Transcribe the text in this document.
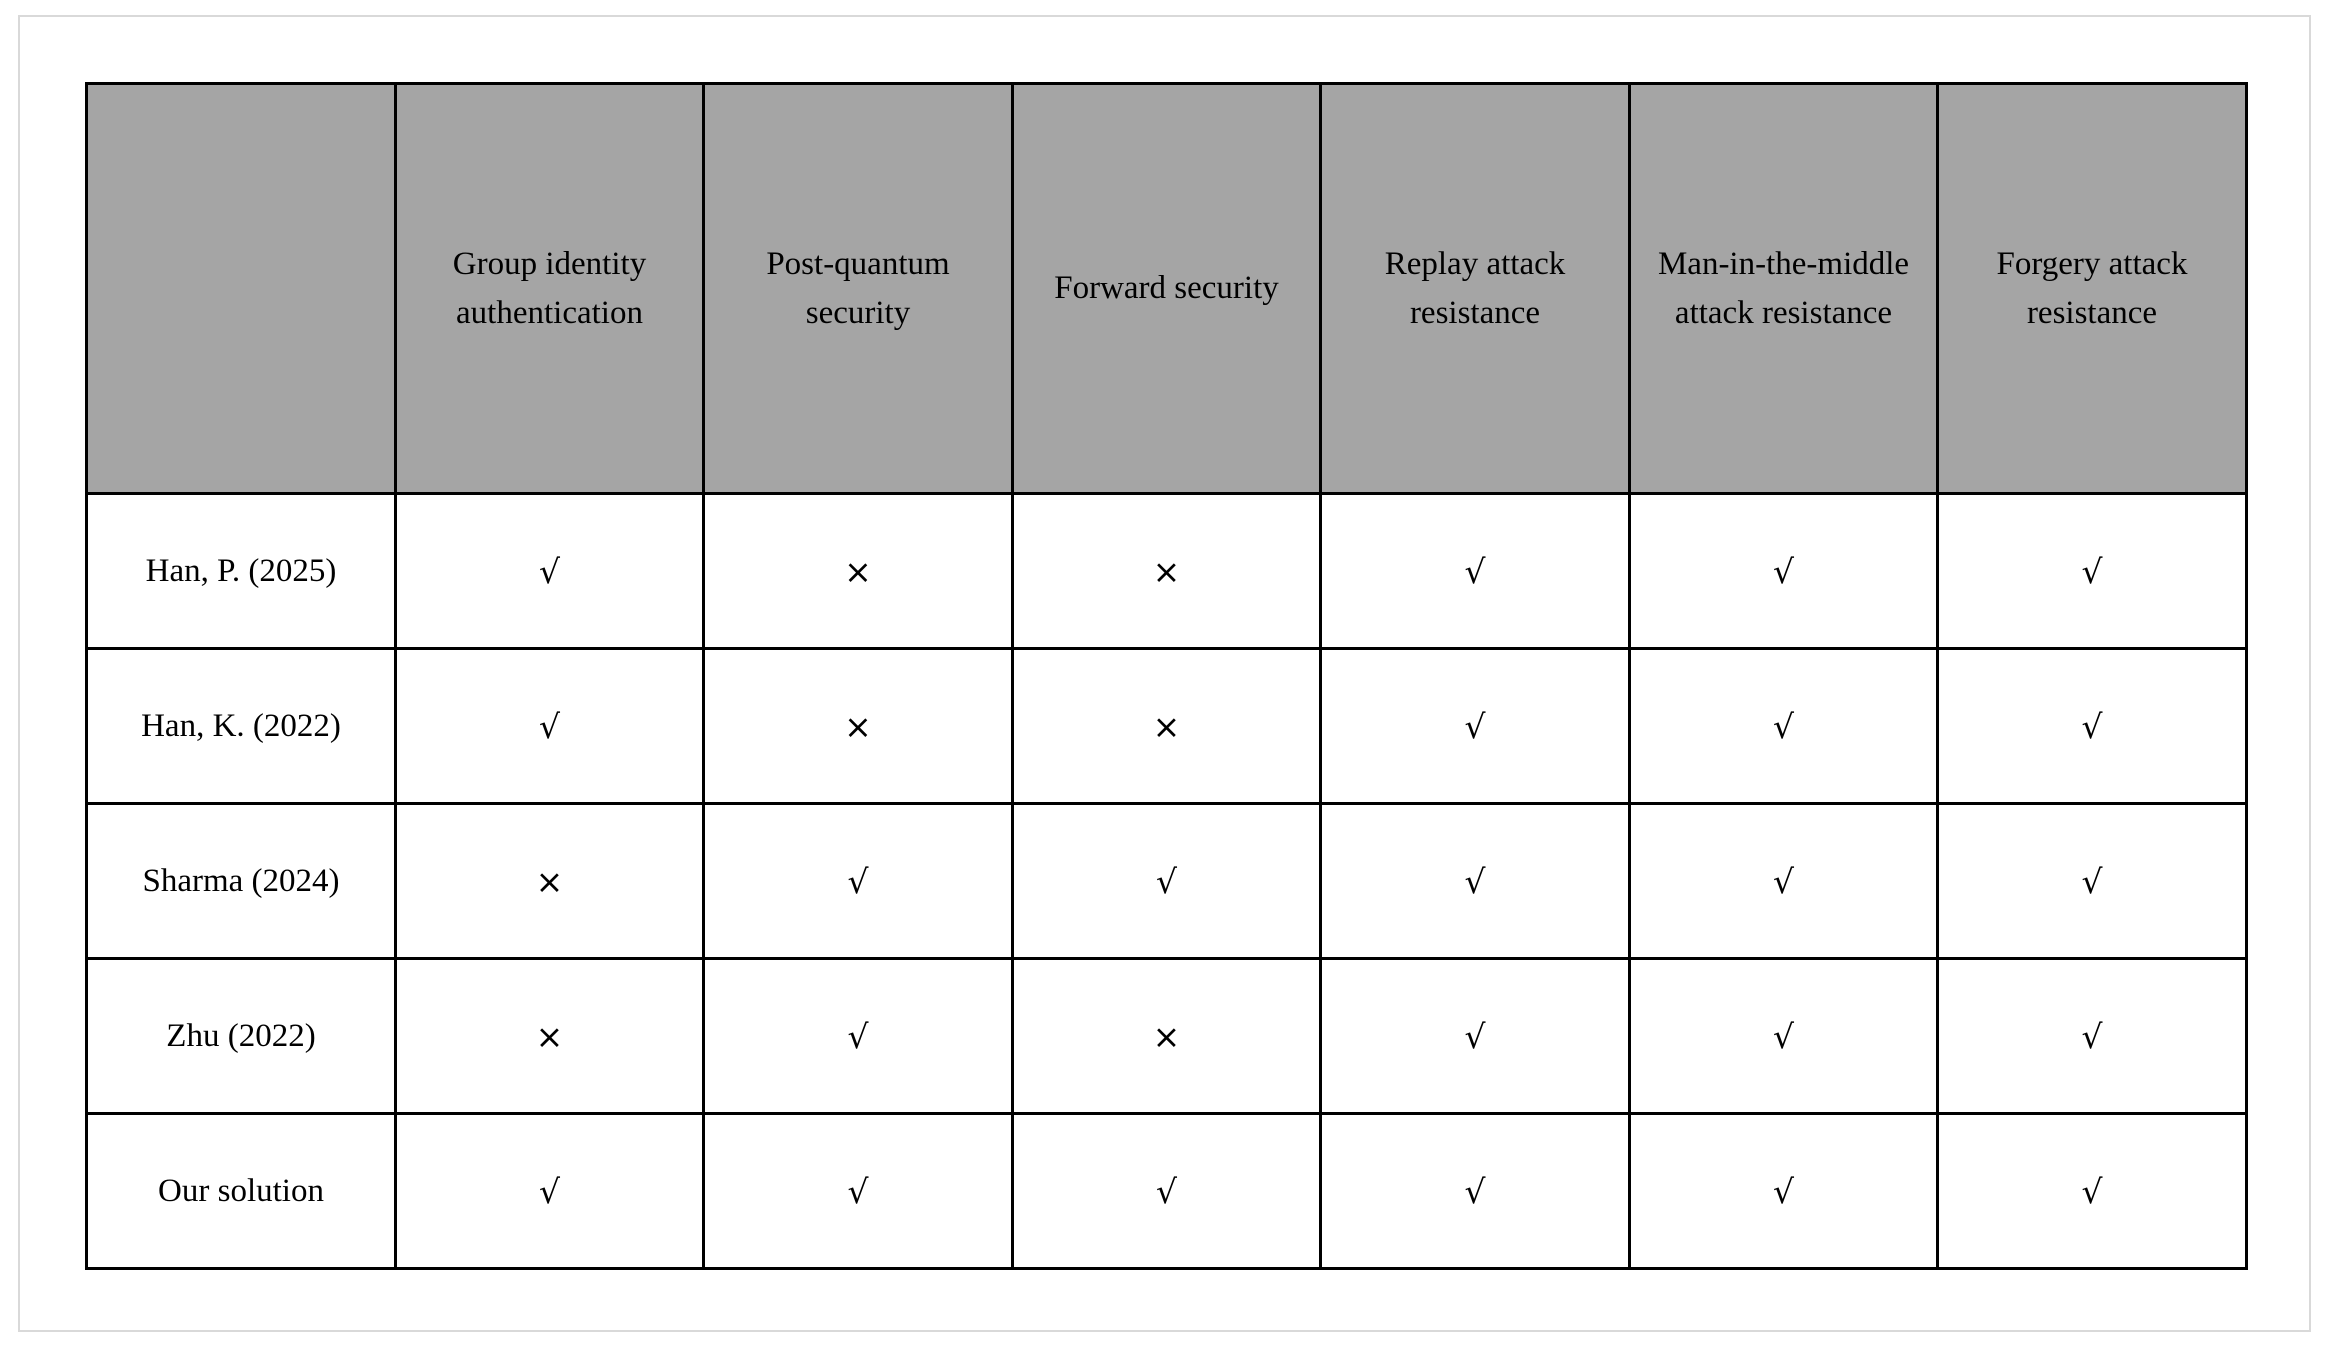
	Group identity authentication	Post-quantum security	Forward security	Replay attack resistance	Man-in-the-middle attack resistance	Forgery attack resistance
Han, P. (2025)	√	×	×	√	√	√
Han, K. (2022)	√	×	×	√	√	√
Sharma (2024)	×	√	√	√	√	√
Zhu (2022)	×	√	×	√	√	√
Our solution	√	√	√	√	√	√
